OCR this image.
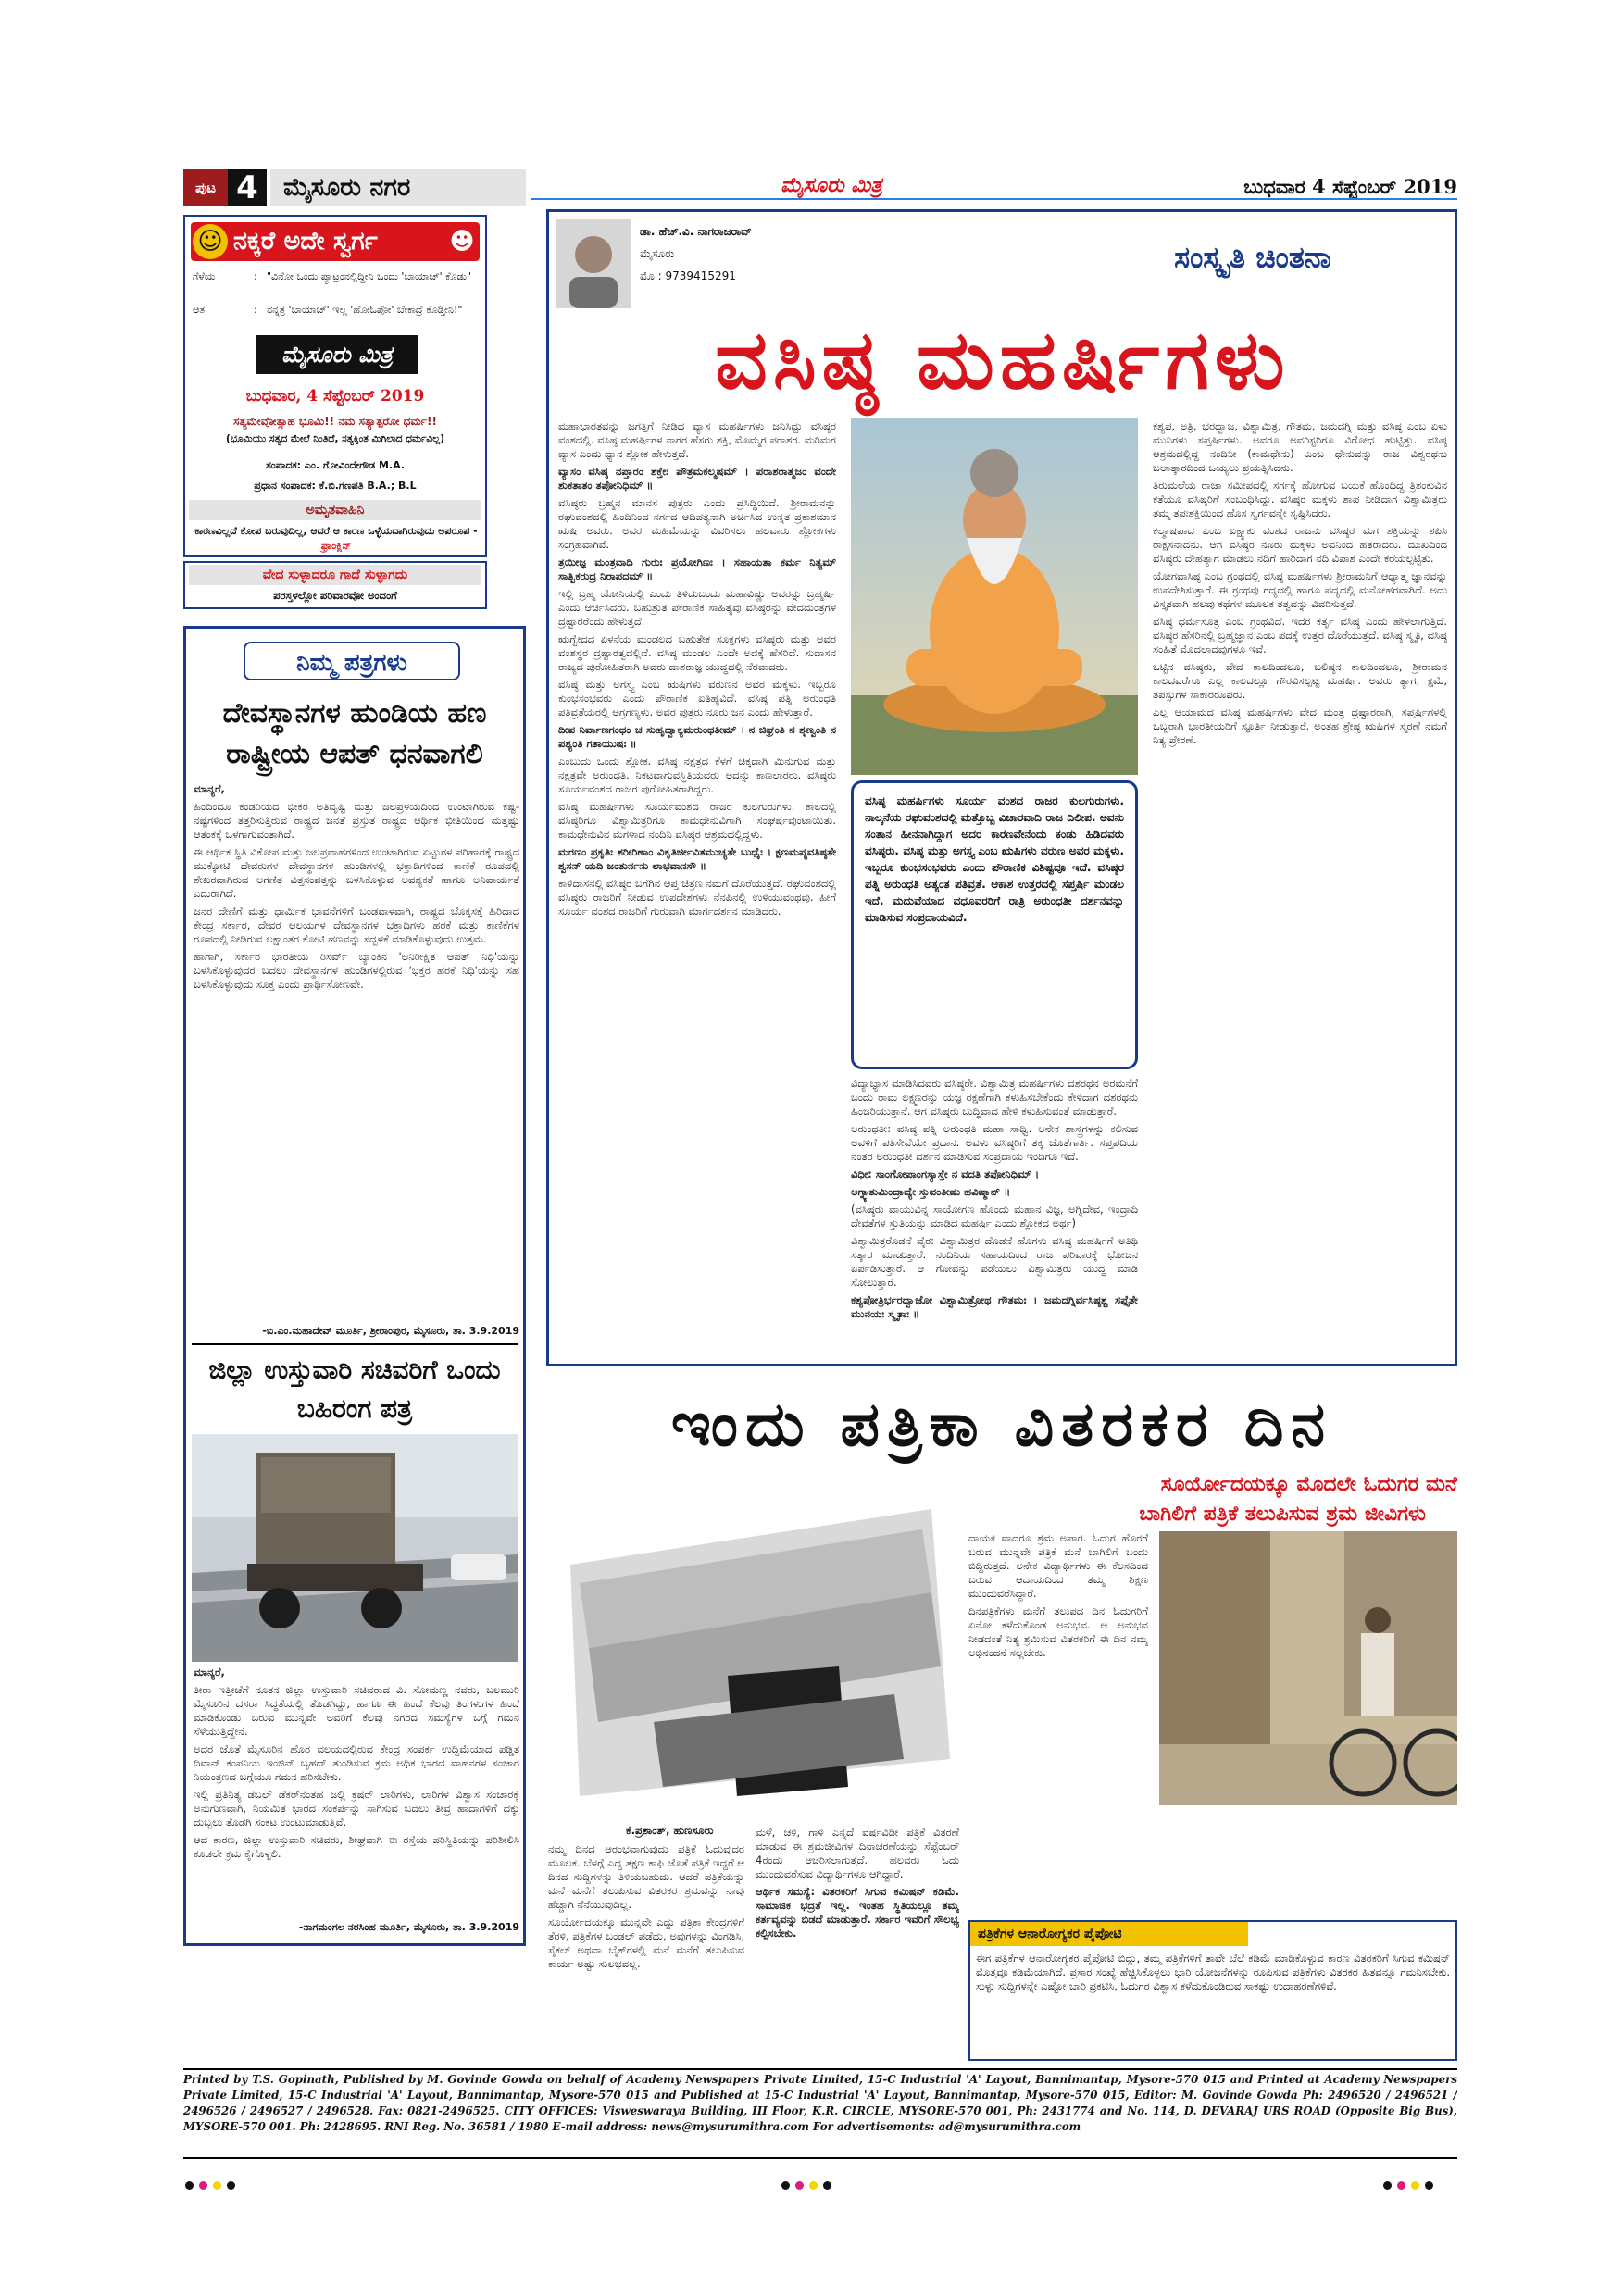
ಪುಟ 4	ಮೈಸೂರು ನಗರ	ಮೈಸೂರು ಮಿತ್ರ	ಬುಧವಾರ 4 ಸೆಪ್ಟೆಂಬರ್ 2019
☺ ನಕ್ಕರೆ ಅದೇ ಸ್ವರ್ಗ	☻
ಗೆಳೆಯ	: "ವಿನೋ ಒಂದು ಪ್ಯಾಟ್ರಂನಲ್ಲಿದ್ದೀನಿ ಒಂದು 'ಬಾಯಾಚ್' ಕೊಡು"
ಆತ	: ನನ್ನತ್ರ 'ಬಾಯಾಚ್' ಇಲ್ಲ 'ಹೋಓಪೋ' ಬೇಕಾದ್ರೆ ಕೊಡ್ತೀನಿ!"
ಮೈಸೂರು ಮಿತ್ರ
ಬುಧವಾರ, 4 ಸೆಪ್ಟೆಂಬರ್ 2019
ಸತ್ಯಮೇವೋತ್ಸಾಹ ಭೂಮಿ!! ನಮ ಸತ್ಯಾತ್ಪರೋ ಧರ್ಮ!!
(ಭೂಮಿಯು ಸತ್ಯದ ಮೇಲೆ ನಿಂತಿದೆ, ಸತ್ಯಕ್ಕಿಂತ ಮಿಗಿಲಾದ ಧರ್ಮವಿಲ್ಲ)
ಸಂಪಾದಕ: ಎಂ. ಗೋವಿಂದೇಗೌಡ M.A.
ಪ್ರಧಾನ ಸಂಪಾದಕ: ಕೆ.ಬಿ.ಗಣಪತಿ B.A.; B.L
ಅಮೃತವಾಹಿನಿ
ಕಾರಣವಿಲ್ಲದೆ ಕೋಪ ಬರುವುದಿಲ್ಲ, ಆದರೆ ಆ ಕಾರಣ ಒಳ್ಳೆಯದಾಗಿರುವುದು ಅಪರೂಪ - ಫ್ರಾಂಕ್ಲಿನ್
ವೇದ ಸುಳ್ಳಾದರೂ ಗಾದೆ ಸುಳ್ಳಾಗದು
ಪರಸ್ತಳಲ್ಲೋ ಪರಿವಾರವೋ ಅಂದಂಗೆ
ನಿಮ್ಮ ಪತ್ರಗಳು
ದೇವಸ್ಥಾನಗಳ ಹುಂಡಿಯ ಹಣ ರಾಷ್ಟ್ರೀಯ ಆಪತ್ ಧನವಾಗಲಿ

ಮಾನ್ಯರೆ,

ಹಿಂದಿಂದೂ ಕಂಡರಿಯದ ಭೀಕರ ಅತಿವೃಷ್ಟಿ ಮತ್ತು ಜಲಪ್ರಳಯದಿಂದ ಉಂಟಾಗಿರುವ ಕಷ್ಟ-ನಷ್ಟಗಳಿಂದ ತತ್ತರಿಸುತ್ತಿರುವ ರಾಷ್ಟ್ರದ ಜನತೆ ಪ್ರಸ್ತುತ ರಾಷ್ಟ್ರದ ಆರ್ಥಿಕ ಭೀತಿಯಿಂದ ಮತ್ತಷ್ಟು ಆತಂಕಕ್ಕೆ ಒಳಗಾಗುವಂತಾಗಿದೆ.

ಈ ಆರ್ಥಿಕ ಸ್ಥಿತಿ ವಿಕೋಪ ಮತ್ತು ಜಲಪ್ರವಾಹಗಳಿಂದ ಉಂಟಾಗಿರುವ ಏಟ್ಟುಗಳ ಪರಿಹಾರಕ್ಕೆ ರಾಷ್ಟ್ರದ ಮುಕ್ಕೋಟಿ ದೇವರುಗಳ ದೇವಸ್ಥಾನಗಳ ಹುಂಡಿಗಳಲ್ಲಿ ಭಕ್ತಾದಿಗಳಿಂದ ಕಾಣಿಕೆ ರೂಪದಲ್ಲಿ ಶೇಖರವಾಗಿರುವ ಅಗಣಿತ ವಿತ್ತಸಂಪತ್ತನ್ನು ಬಳಸಿಕೊಳ್ಳುವ ಅವಶ್ಯಕತೆ ಹಾಗೂ ಅನಿವಾರ್ಯತೆ ಎದುರಾಗಿದೆ.

ಜನರ ದೇಣಿಗೆ ಮತ್ತು ಧಾರ್ಮಿಕ ಭಾವನೆಗಳಿಗೆ ಬಂಡವಾಳವಾಗಿ, ರಾಷ್ಟ್ರದ ಬೊಕ್ಕಸಕ್ಕೆ ಹಿರಿದಾದ ಕೇಂದ್ರ ಸರ್ಕಾರ, ದೇವರ ಆಲಯಗಳ ದೇವಸ್ಥಾನಗಳ ಭಕ್ತಾದಿಗಳು ಹರಕೆ ಮತ್ತು ಕಾಣಿಕೆಗಳ ರೂಪದಲ್ಲಿ ನೀಡಿರುವ ಲಕ್ಷಾಂತರ ಕೋಟಿ ಹಣವನ್ನು ಸದ್ಬಳಕೆ ಮಾಡಿಕೊಳ್ಳುವುದು ಉತ್ತಮ.

ಹಾಗಾಗಿ, ಸರ್ಕಾರ ಭಾರತೀಯ ರಿಸರ್ವ್ ಬ್ಯಾಂಕಿನ 'ಅನಿರೀಕ್ಷಿತ ಆಪತ್ ನಿಧಿ'ಯನ್ನು ಬಳಸಿಕೊಳ್ಳುವುದರ ಬದಲು ದೇವಸ್ಥಾನಗಳ ಹುಂಡಿಗಳಲ್ಲಿರುವ 'ಭಕ್ತರ ಹರಕೆ ನಿಧಿ'ಯನ್ನು ಸಹ ಬಳಸಿಕೊಳ್ಳುವುದು ಸೂಕ್ತ ಎಂದು ಪ್ರಾರ್ಥಿಸೋಣವೇ.

-ಬಿ.ಎಂ.ಮಹಾದೇವ್ ಮೂರ್ತಿ, ಶ್ರೀರಾಂಪುರ, ಮೈಸೂರು, ತಾ. 3.9.2019
ಜಿಲ್ಲಾ ಉಸ್ತುವಾರಿ ಸಚಿವರಿಗೆ ಒಂದು ಬಹಿರಂಗ ಪತ್ರ

ಮಾನ್ಯರೆ,

ತೀರಾ ಇತ್ತೀಚೆಗೆ ನೂತನ ಜಿಲ್ಲಾ ಉಸ್ತುವಾರಿ ಸಚಿವರಾದ ವಿ. ಸೋಮಣ್ಣ ನವರು, ಬಲಮುರಿ ಮೈಸೂರಿನ ದಸರಾ ಸಿದ್ಧತೆಯಲ್ಲಿ ತೊಡಗಿದ್ದು, ಹಾಗೂ ಈ ಹಿಂದೆ ಕೆಲವು ತಿಂಗಳುಗಳ ಹಿಂದೆ ಮಾಡಿಕೊಂಡು ಬರುವ ಮುನ್ನವೇ ಅವರಿಗೆ ಕೆಲವು ನಗರದ ಸಮಸ್ಯೆಗಳ ಬಗ್ಗೆ ಗಮನ ಸೆಳೆಯುತ್ತಿದ್ದೇನೆ.

ಅದರ ಜೊತೆ ಮೈಸೂರಿನ ಹೊರ ವಲಯದಲ್ಲಿರುವ ಕೇಂದ್ರ ಸಂಪರ್ಕ ಉದ್ದಿಮೆಯಾದ ಪಡ್ಡಿತ ದಿವಾನ್ ಕಂಪನಿಯ ಇಂಜಿನ್ ಬೃಹದ್ ತುಂಡಿಸುವ ಕ್ರಮ ಅಧಿಕ ಭಾರದ ವಾಹನಗಳ ಸಂಚಾರ ನಿಯಂತ್ರಣದ ಬಗ್ಗೆಯೂ ಗಮನ ಹರಿಸಬೇಕು.

ಇಲ್ಲಿ ಪ್ರತಿನಿತ್ಯ ಡಬಲ್ ಡೆಕರ್‌ನಂತಹ ಜಲ್ಲಿ ಕ್ರಷರ್ ಲಾರಿಗಳು, ಲಾರಿಗಳ ವಿಶ್ವಾಸ ಸಂಚಾರಕ್ಕೆ ಅನುಗುಣವಾಗಿ, ನಿಯಮಿತ ಭಾರದ ಸಂಕರ್ಪನ್ನು ಸಾಗಿಸುವ ಬದಲು ತೀವ್ರ ಹಾದಾಗಳಿಗೆ ದಕ್ಕು ದುಬ್ಬಲು ತೊಡಗಿ ಸಂಕಟ ಉಂಟುಮಾಡುತ್ತಿವೆ.

ಆದ ಕಾರಣ, ಜಿಲ್ಲಾ ಉಸ್ತುವಾರಿ ಸಚಿವರು, ಶೀಘ್ರವಾಗಿ ಈ ರಸ್ತೆಯ ಪರಿಸ್ಥಿತಿಯನ್ನು ಪರಿಶೀಲಿಸಿ ಕೂಡಲೇ ಕ್ರಮ ಕೈಗೊಳ್ಳಲಿ.

-ನಾಗಮಂಗಲ ನರಸಿಂಹ ಮೂರ್ತಿ, ಮೈಸೂರು, ತಾ. 3.9.2019
ಡಾ. ಹೆಚ್.ವಿ. ನಾಗರಾಜರಾವ್
ಮೈಸೂರು
ಮೊ : 9739415291
ಸಂಸ್ಕೃತಿ ಚಿಂತನಾ
ವಸಿಷ್ಠ ಮಹರ್ಷಿಗಳು

ಮಹಾಭಾರತವನ್ನು ಜಗತ್ತಿಗೆ ನೀಡಿದ ವ್ಯಾಸ ಮಹರ್ಷಿಗಳು ಜನಿಸಿದ್ದು ವಸಿಷ್ಠರ ವಂಶದಲ್ಲಿ. ವಸಿಷ್ಠ ಮಹರ್ಷಿಗಳ ನಾಗರ ಹೆಸರು ಶಕ್ತಿ, ಮೊಮ್ಮಗ ಪರಾಶರ. ಮರಿಮಗ ವ್ಯಾಸ ಎಂದು ಧ್ಯಾನ ಶ್ಲೋಕ ಹೇಳುತ್ತದೆ.

ವ್ಯಾಸಂ ವಸಿಷ್ಠ ನಪ್ತಾರಂ ಶಕ್ತೇಃ ಪೌತ್ರಮಕಲ್ಮಷಮ್ । ಪರಾಶರಾತ್ಮಜಂ ವಂದೇ ಶುಕತಾತಂ ತಪೋನಿಧಿಮ್ ॥

ವಸಿಷ್ಠರು ಬ್ರಹ್ಮನ ಮಾನಸ ಪುತ್ರರು ಎಂದು ಪ್ರಸಿದ್ಧಿಯಿದೆ. ಶ್ರೀರಾಮನನ್ನು ರಘುವಂಶದಲ್ಲಿ ಹಿಂದಿನಿಂದ ಸರ್ಗದ ಆದಿಪತ್ಯನಾಗಿ ಅರ್ಚಿಸಿದ ಉನ್ನತ ಪ್ರಕಾಶಮಾನ ಋಷಿ ಅವರು. ಅವರ ಮಹಿಮೆಯನ್ನು ವಿವರಿಸಲು ಹಲವಾರು ಶ್ಲೋಕಗಳು ಸಂಗ್ರಹವಾಗಿವೆ.

ತ್ರಯೀಜ್ಞ ಮಂತ್ರವಾದಿ ಗುರುಃ ಪ್ರಯೋಗಿಣಃ । ಸಹಾಯತಾ ಕರ್ಮ ನಿತ್ಯಮ್ ಸಾತ್ವಿಕರುದ್ರ ನಿರಾಪದಮ್ ॥

ಇಲ್ಲಿ ಬ್ರಹ್ಮ ಯೋನಿಯಲ್ಲಿ ಎಂದು ತಿಳಿದುಬಂದು ಮಹಾವಿಷ್ಣು ಅವರನ್ನು ಬ್ರಹ್ಮರ್ಷಿ ಎಂದು ಆರ್ಚಿಸಿದರು. ಬಹುಶ್ರುತ ಪೌರಾಣಿಕ ಸಾಹಿತ್ಯವು ವಸಿಷ್ಠರನ್ನು ವೇದಮಂತ್ರಗಳ ದ್ರಷ್ಟಾರರೆಂದು ಹೇಳುತ್ತದೆ.

ಋಗ್ವೇದದ ಏಳನೆಯ ಮಂಡಲದ ಬಹುತೇಕ ಸೂಕ್ತಗಳು ವಸಿಷ್ಠರು ಮತ್ತು ಅವರ ವಂಶಸ್ಥರ ದ್ರಷ್ಟಾರತ್ವದಲ್ಲಿವೆ. ವಸಿಷ್ಠ ಮಂಡಲ ಎಂದೇ ಅದಕ್ಕೆ ಹೆಸರಿದೆ. ಸುದಾಸನ ರಾಜ್ಯದ ಪುರೋಹಿತರಾಗಿ ಅವರು ದಾಶರಾಜ್ಞ ಯುದ್ಧದಲ್ಲಿ ನೆರವಾದರು.

ವಸಿಷ್ಠ ಮತ್ತು ಅಗಸ್ತ್ಯ ಎಂಬ ಋಷಿಗಳು ವರುಣನ ಅವರ ಮಕ್ಕಳು. ಇಬ್ಬರೂ ಕುಂಭಸಂಭವರು ಎಂದು ಪೌರಾಣಿಕ ಐತಿಹ್ಯವಿದೆ. ವಸಿಷ್ಠ ಪತ್ನಿ ಅರುಂಧತಿ ಪತಿವ್ರತೆಯರಲ್ಲಿ ಅಗ್ರಗಣ್ಯಳು. ಅವರ ಪುತ್ರರು ನೂರು ಜನ ಎಂದು ಹೇಳುತ್ತಾರೆ.

ದೀಪ ನಿರ್ವಾಣಗಂಧಂ ಚ ಸುಹೃದ್ವಾಕ್ಯಮರುಂಧತೀಮ್ । ನ ಜಿಘ್ರಂತಿ ನ ಶೃಣ್ವಂತಿ ನ ಪಶ್ಯಂತಿ ಗತಾಯುಷಃ ॥

ಎಂಬುದು ಒಂದು ಶ್ಲೋಕ. ವಸಿಷ್ಠ ನಕ್ಷತ್ರದ ಕೆಳಗೆ ಚಿಕ್ಕದಾಗಿ ಮಿನುಗುವ ಮತ್ತು ನಕ್ಷತ್ರವೇ ಅರುಂಧತಿ. ನಿಕಟವಾಗುವಸ್ಥಿತಿಯವರು ಅದನ್ನು ಕಾಣಲಾರರು. ವಸಿಷ್ಠರು ಸೂರ್ಯವಂಶದ ರಾಜರ ಪುರೋಹಿತರಾಗಿದ್ದರು.

ವಸಿಷ್ಠ ಮಹರ್ಷಿಗಳು ಸೂರ್ಯವಂಶದ ರಾಜರ ಕುಲಗುರುಗಳು. ಕಾಲದಲ್ಲಿ ವಸಿಷ್ಠರಿಗೂ ವಿಶ್ವಾಮಿತ್ರರಿಗೂ ಕಾಮಧೇನುವಿಗಾಗಿ ಸಂಘರ್ಷವುಂಟಾಯಿತು. ಕಾಮಧೇನುವಿನ ಮಗಳಾದ ನಂದಿನಿ ವಸಿಷ್ಠರ ಆಶ್ರಮದಲ್ಲಿದ್ದಳು.

ಮರಣಂ ಪ್ರಕೃತಿಃ ಶರೀರಿಣಾಂ ವಿಕೃತಿರ್ಜೀವಿತಮುಚ್ಯತೇ ಬುಧೈಃ । ಕ್ಷಣಮಪ್ಯವತಿಷ್ಠತೇ ಶ್ವಸನ್ ಯದಿ ಜಂತುರ್ನನು ಲಾಭವಾನಸೌ ॥

ಕಾಳಿದಾಸನಲ್ಲಿ ವಸಿಷ್ಠರ ಬಗೆಗಿನ ಆಪ್ತ ಚಿತ್ರಣ ನಮಗೆ ದೊರೆಯುತ್ತದೆ. ರಘುವಂಶದಲ್ಲಿ ವಸಿಷ್ಠರು ರಾಜರಿಗೆ ನೀಡುವ ಉಪದೇಶಗಳು ನೆನಪಿನಲ್ಲಿ ಉಳಿಯುವಂಥವು. ಹೀಗೆ ಸೂರ್ಯ ವಂಶದ ರಾಜರಿಗೆ ಗುರುವಾಗಿ ಮಾರ್ಗದರ್ಶನ ಮಾಡಿದರು.

ವಸಿಷ್ಠ ಮಹರ್ಷಿಗಳು ಸೂರ್ಯ ವಂಶದ ರಾಜರ ಕುಲಗುರುಗಳು. ನಾಲ್ಕನೆಯ ರಘುವಂಶದಲ್ಲಿ ಮತ್ತೊಬ್ಬ ವಿಚಾರವಾದಿ ರಾಜ ದಿಲೀಪ. ಅವನು ಸಂತಾನ ಹೀನನಾಗಿದ್ದಾಗ ಅದರ ಕಾರಣವೇನೆಂದು ಕಂಡು ಹಿಡಿದವರು ವಸಿಷ್ಠರು. ವಸಿಷ್ಠ ಮತ್ತು ಅಗಸ್ತ್ಯ ಎಂಬ ಋಷಿಗಳು ವರುಣ ಅವರ ಮಕ್ಕಳು. ಇಬ್ಬರೂ ಕುಂಭಸಂಭವರು ಎಂದು ಪೌರಾಣಿಕ ವಿಶಿಷ್ಟವೂ ಇದೆ. ವಸಿಷ್ಠರ ಪತ್ನಿ ಅರುಂಧತಿ ಅತ್ಯಂತ ಪತಿವ್ರತೆ. ಆಕಾಶ ಉತ್ತರದಲ್ಲಿ ಸಪ್ತರ್ಷಿ ಮಂಡಲ ಇದೆ. ಮದುವೆಯಾದ ವಧೂವರರಿಗೆ ರಾತ್ರಿ ಅರುಂಧತೀ ದರ್ಶನವನ್ನು ಮಾಡಿಸುವ ಸಂಪ್ರದಾಯವಿದೆ.

ವಿದ್ಯಾಭ್ಯಾಸ ಮಾಡಿಸಿದವರು ವಸಿಷ್ಠರೇ. ವಿಶ್ವಾಮಿತ್ರ ಮಹರ್ಷಿಗಳು ದಶರಥನ ಅರಮನೆಗೆ ಬಂದು ರಾಮ ಲಕ್ಷ್ಮಣರನ್ನು ಯಜ್ಞ ರಕ್ಷಣೆಗಾಗಿ ಕಳುಹಿಸಬೇಕೆಂದು ಕೇಳಿದಾಗ ದಶರಥನು ಹಿಂಜರಿಯುತ್ತಾನೆ. ಆಗ ವಸಿಷ್ಠರು ಬುದ್ಧಿವಾದ ಹೇಳಿ ಕಳುಹಿಸುವಂತೆ ಮಾಡುತ್ತಾರೆ.

ಅರುಂಧತೀ: ವಸಿಷ್ಠ ಪತ್ನಿ ಅರುಂಧತಿ ಮಹಾ ಸಾಧ್ವಿ. ಅನೇಕ ಶಾಸ್ತ್ರಗಳನ್ನು ಕಲಿಸುವ ಅವಳಿಗೆ ಪತಿಸೇವೆಯೇ ಪ್ರಧಾನ. ಅವಳು ವಸಿಷ್ಠರಿಗೆ ತಕ್ಕ ಜೊತೆಗಾರ್ತಿ. ಸಪ್ತಪದಿಯ ನಂತರ ಅರುಂಧತೀ ದರ್ಶನ ಮಾಡಿಸುವ ಸಂಪ್ರದಾಯ ಇಂದಿಗೂ ಇದೆ.

ವಿಧೀ: ಸಾಂಗೋಪಾಂಗಸ್ಯಾಸ್ತೇ ನ ವದತಿ ತಪೋನಿಧಿಮ್ ।

ಅಗ್ನ್ಯಾತುಮಿಂದ್ರಾದ್ಯೇ ಸ್ತುವಂತೀಷು ಹವಿಷ್ಮಾನ್ ॥

(ವಸಿಷ್ಠರು ವಾಯುವಿನ್ನ ಸಾಯೋಗಣ ಹೊಂದು ಮಹಾನ ವಿಜ್ಞ, ಅಗ್ನಿದೇವ, ಇಂದ್ರಾದಿ ದೇವತೆಗಳ ಸ್ತುತಿಯನ್ನು ಮಾಡಿದ ಮಹರ್ಷಿ ಎಂದು ಶ್ಲೋಕದ ಅರ್ಥ)

ವಿಶ್ವಾಮಿತ್ರರೊಡನೆ ವೈರ: ವಿಶ್ವಾಮಿತ್ರರ ದೊಡನೆ ಹೊಗಳು ವಸಿಷ್ಠ ಮಹರ್ಷಿಗೆ ಅತಿಥಿ ಸತ್ಕಾರ ಮಾಡುತ್ತಾರೆ. ನಂದಿನಿಯ ಸಹಾಯದಿಂದ ರಾಜ ಪರಿವಾರಕ್ಕೆ ಭೋಜನ ಏರ್ಪಡಿಸುತ್ತಾರೆ. ಆ ಗೋವನ್ನು ಪಡೆಯಲು ವಿಶ್ವಾಮಿತ್ರರು ಯುದ್ಧ ಮಾಡಿ ಸೋಲುತ್ತಾರೆ.

ಕಶ್ಯಪೋತ್ರಿರ್ಭರದ್ವಾಜೋ ವಿಶ್ವಾಮಿತ್ರೋಥ ಗೌತಮಃ । ಜಮದಗ್ನಿರ್ವಸಿಷ್ಠಶ್ಚ ಸಪ್ತೈತೇ ಮುನಯಃ ಸ್ಮೃತಾಃ ॥

ಕಶ್ಯಪ, ಅತ್ರಿ, ಭರದ್ವಾಜ, ವಿಶ್ವಾಮಿತ್ರ, ಗೌತಮ, ಜಮದಗ್ನಿ ಮತ್ತು ವಸಿಷ್ಠ ಎಂಬ ಏಳು ಮುನಿಗಳು ಸಪ್ತರ್ಷಿಗಳು. ಅವರೂ ಅವರಿಸ್ಟರಿಗೂ ವಿರೋಧ ಹುಟ್ಟಿತ್ತು. ವಸಿಷ್ಠ ಆಶ್ರಮದಲ್ಲಿದ್ದ ನಂದಿನೀ (ಕಾಮಧೇನು) ಎಂಬ ಧೇನುವನ್ನು ರಾಜ ವಿಶ್ವರಥನು ಬಲಾತ್ಕಾರದಿಂದ ಒಯ್ಯಲು ಪ್ರಯತ್ನಿಸಿದನು.

ತಿರುಮಲೆಯ ರಾಜಾ ಸಮೀಪದಲ್ಲಿ ಸರ್ಗಕ್ಕೆ ಹೋಗುವ ಬಯಕೆ ಹೊಂದಿದ್ದ ತ್ರಿಶಂಕುವಿನ ಕತೆಯೂ ವಸಿಷ್ಠರಿಗೆ ಸಂಬಂಧಿಸಿದ್ದು. ವಸಿಷ್ಠರ ಮಕ್ಕಳು ಶಾಪ ನೀಡಿದಾಗ ವಿಶ್ವಾಮಿತ್ರರು ತಮ್ಮ ತಪಃಶಕ್ತಿಯಿಂದ ಹೊಸ ಸ್ವರ್ಗವನ್ನೇ ಸೃಷ್ಟಿಸಿದರು.

ಕಲ್ಮಾಷಪಾದ ಎಂಬ ಐಕ್ಷ್ವಾಕು ವಂಶದ ರಾಜನು ವಸಿಷ್ಠರ ಮಗ ಶಕ್ತಿಯನ್ನು ಶಪಿಸಿ ರಾಕ್ಷಸನಾದನು. ಆಗ ವಸಿಷ್ಠರ ನೂರು ಮಕ್ಕಳು ಅವನಿಂದ ಹತರಾದರು. ದುಃಖದಿಂದ ವಸಿಷ್ಠರು ದೇಹತ್ಯಾಗ ಮಾಡಲು ನದಿಗೆ ಹಾರಿದಾಗ ನದಿ ವಿಪಾಶ ಎಂದೇ ಕರೆಯಲ್ಪಟ್ಟಿತು.

ಯೋಗವಾಸಿಷ್ಠ ಎಂಬ ಗ್ರಂಥದಲ್ಲಿ ವಸಿಷ್ಠ ಮಹರ್ಷಿಗಳು ಶ್ರೀರಾಮನಿಗೆ ಆಧ್ಯಾತ್ಮ ಜ್ಞಾನವನ್ನು ಉಪದೇಶಿಸುತ್ತಾರೆ. ಈ ಗ್ರಂಥವು ಗದ್ಯದಲ್ಲಿ ಹಾಗೂ ಪದ್ಯದಲ್ಲಿ ಮನೋಹರವಾಗಿದೆ. ಅದು ವಿಸ್ತೃತವಾಗಿ ಹಲವು ಕಥೆಗಳ ಮೂಲಕ ತತ್ವವನ್ನು ವಿವರಿಸುತ್ತದೆ.

ವಸಿಷ್ಠ ಧರ್ಮಸೂತ್ರ ಎಂಬ ಗ್ರಂಥವಿದೆ. ಇದರ ಕರ್ತೃ ವಸಿಷ್ಠ ಎಂದು ಹೇಳಲಾಗುತ್ತಿದೆ. ವಸಿಷ್ಠರ ಹೆಸರಿನಲ್ಲಿ ಬ್ರಹ್ಮಜ್ಞಾನ ಎಂಬ ಪದಕ್ಕೆ ಉತ್ತರ ದೊರೆಯುತ್ತದೆ. ವಸಿಷ್ಠ ಸ್ಮೃತಿ, ವಸಿಷ್ಠ ಸಂಹಿತೆ ಮೊದಲಾದವುಗಳೂ ಇವೆ.

ಒಟ್ಟಿನ ವಸಿಷ್ಠರು, ವೇದ ಕಾಲದಿಂದಲೂ, ಬಲಿಷ್ಠನ ಕಾಲದಿಂದಲೂ, ಶ್ರೀರಾಮನ ಕಾಲದವರೆಗೂ ಎಲ್ಲ ಕಾಲದಲ್ಲೂ ಗೌರವಿಸಲ್ಪಟ್ಟ ಮಹರ್ಷಿ. ಅವರು ತ್ಯಾಗ, ಕ್ಷಮೆ, ತಪಸ್ಸುಗಳ ಸಾಕಾರರೂಪರು.

ಎಲ್ಲ ಆಯಾಮದ ವಸಿಷ್ಠ ಮಹರ್ಷಿಗಳು ವೇದ ಮಂತ್ರ ದ್ರಷ್ಟಾರರಾಗಿ, ಸಪ್ತರ್ಷಿಗಳಲ್ಲಿ ಒಬ್ಬರಾಗಿ ಭಾರತೀಯರಿಗೆ ಸ್ಫೂರ್ತಿ ನೀಡುತ್ತಾರೆ. ಅಂತಹ ಶ್ರೇಷ್ಠ ಋಷಿಗಳ ಸ್ಮರಣೆ ನಮಗೆ ನಿತ್ಯ ಪ್ರೇರಣೆ.

ಇಂದು ಪತ್ರಿಕಾ ವಿತರಕರ ದಿನ
ಸೂರ್ಯೋದಯಕ್ಕೂ ಮೊದಲೇ ಓದುಗರ ಮನೆ
ಬಾಗಿಲಿಗೆ ಪತ್ರಿಕೆ ತಲುಪಿಸುವ ಶ್ರಮ ಜೀವಿಗಳು
ಕೆ.ಪ್ರಶಾಂತ್, ಹುಣಸೂರು

ನಮ್ಮ ದಿನದ ಆರಂಭವಾಗುವುದು ಪತ್ರಿಕೆ ಓದುವುದರ ಮೂಲಕ. ಬೆಳಗ್ಗೆ ಎದ್ದ ತಕ್ಷಣ ಕಾಫಿ ಜೊತೆ ಪತ್ರಿಕೆ ಇದ್ದರೆ ಆ ದಿನದ ಸುದ್ದಿಗಳನ್ನು ತಿಳಿಯಬಹುದು. ಆದರೆ ಪತ್ರಿಕೆಯನ್ನು ಮನೆ ಮನೆಗೆ ತಲುಪಿಸುವ ವಿತರಕರ ಶ್ರಮವನ್ನು ನಾವು ಹೆಚ್ಚಾಗಿ ನೆನೆಯುವುದಿಲ್ಲ.

ಸೂರ್ಯೋದಯಕ್ಕೂ ಮುನ್ನವೇ ಎದ್ದು ಪತ್ರಿಕಾ ಕೇಂದ್ರಗಳಿಗೆ ತೆರಳಿ, ಪತ್ರಿಕೆಗಳ ಬಂಡಲ್ ಪಡೆದು, ಅವುಗಳನ್ನು ವಿಂಗಡಿಸಿ, ಸೈಕಲ್ ಅಥವಾ ಬೈಕ್‌ಗಳಲ್ಲಿ ಮನೆ ಮನೆಗೆ ತಲುಪಿಸುವ ಕಾರ್ಯ ಅಷ್ಟು ಸುಲಭವಲ್ಲ.

ಮಳೆ, ಚಳಿ, ಗಾಳಿ ಎನ್ನದೆ ವರ್ಷವಿಡೀ ಪತ್ರಿಕೆ ವಿತರಣೆ ಮಾಡುವ ಈ ಶ್ರಮಜೀವಿಗಳ ದಿನಾಚರಣೆಯನ್ನು ಸೆಪ್ಟೆಂಬರ್ 4ರಂದು ಆಚರಿಸಲಾಗುತ್ತದೆ. ಹಲವರು ಓದು ಮುಂದುವರೆಸುವ ವಿದ್ಯಾರ್ಥಿಗಳೂ ಆಗಿದ್ದಾರೆ.

ಆರ್ಥಿಕ ಸಮಸ್ಯೆ: ವಿತರಕರಿಗೆ ಸಿಗುವ ಕಮಿಷನ್ ಕಡಿಮೆ. ಸಾಮಾಜಿಕ ಭದ್ರತೆ ಇಲ್ಲ. ಇಂತಹ ಸ್ಥಿತಿಯಲ್ಲೂ ತಮ್ಮ ಕರ್ತವ್ಯವನ್ನು ಬಿಡದೆ ಮಾಡುತ್ತಾರೆ. ಸರ್ಕಾರ ಇವರಿಗೆ ಸೌಲಭ್ಯ ಕಲ್ಪಿಸಬೇಕು.

ದಾಯಕ ವಾದರೂ ಶ್ರಮ ಅಪಾರ. ಓದುಗ ಹೊರಗೆ ಬರುವ ಮುನ್ನವೇ ಪತ್ರಿಕೆ ಮನೆ ಬಾಗಿಲಿಗೆ ಬಂದು ಬಿದ್ದಿರುತ್ತದೆ. ಅನೇಕ ವಿದ್ಯಾರ್ಥಿಗಳು ಈ ಕೆಲಸದಿಂದ ಬರುವ ಆದಾಯದಿಂದ ತಮ್ಮ ಶಿಕ್ಷಣ ಮುಂದುವರೆಸಿದ್ದಾರೆ.

ದಿನಪತ್ರಿಕೆಗಳು ಮನೆಗೆ ತಲುಪದ ದಿನ ಓದುಗರಿಗೆ ಏನೋ ಕಳೆದುಕೊಂಡ ಅನುಭವ. ಆ ಅನುಭವ ನೀಡದಂತೆ ನಿತ್ಯ ಶ್ರಮಿಸುವ ವಿತರಕರಿಗೆ ಈ ದಿನ ನಮ್ಮ ಅಭಿನಂದನೆ ಸಲ್ಲಬೇಕು.

ಪತ್ರಿಕೆಗಳ ಆನಾರೋಗ್ಯಕರ ಪೈಪೋಟಿ
ಈಗ ಪತ್ರಿಕೆಗಳ ಆನಾರೋಗ್ಯಕರ ಪೈಪೋಟಿ ಬಿದ್ದು, ತಮ್ಮ ಪತ್ರಿಕೆಗಳಿಗೆ ತಾವೇ ಬೆಲೆ ಕಡಿಮೆ ಮಾಡಿಕೊಳ್ಳುವ ಕಾರಣ ವಿತರಕರಿಗೆ ಸಿಗುವ ಕಮಿಷನ್ ಮೊತ್ತವೂ ಕಡಿಮೆಯಾಗಿದೆ. ಪ್ರಸಾರ ಸಂಖ್ಯೆ ಹೆಚ್ಚಿಸಿಕೊಳ್ಳಲು ಭಾರಿ ಯೋಜನೆಗಳನ್ನು ರೂಪಿಸುವ ಪತ್ರಿಕೆಗಳು ವಿತರಕರ ಹಿತವನ್ನೂ ಗಮನಿಸಬೇಕು. ಸುಳ್ಳು ಸುದ್ದಿಗಳನ್ನೇ ಎಷ್ಟೋ ಬಾರಿ ಪ್ರಕಟಿಸಿ, ಓದುಗರ ವಿಶ್ವಾಸ ಕಳೆದುಕೊಂಡಿರುವ ಸಾಕಷ್ಟು ಉದಾಹರಣೆಗಳಿವೆ.
Printed by T.S. Gopinath, Published by M. Govinde Gowda on behalf of Academy Newspapers Private Limited, 15-C Industrial 'A' Layout, Bannimantap, Mysore-570 015 and Printed at Academy Newspapers Private Limited, 15-C Industrial 'A' Layout, Bannimantap, Mysore-570 015 and Published at 15-C Industrial 'A' Layout, Bannimantap, Mysore-570 015, Editor: M. Govinde Gowda Ph: 2496520 / 2496521 / 2496526 / 2496527 / 2496528. Fax: 0821-2496525. CITY OFFICES: Visweswaraya Building, III Floor, K.R. CIRCLE, MYSORE-570 001, Ph: 2431774 and No. 114, D. DEVARAJ URS ROAD (Opposite Big Bus), MYSORE-570 001. Ph: 2428695. RNI Reg. No. 36581 / 1980 E-mail address: news@mysurumithra.com For advertisements: ad@mysurumithra.com
